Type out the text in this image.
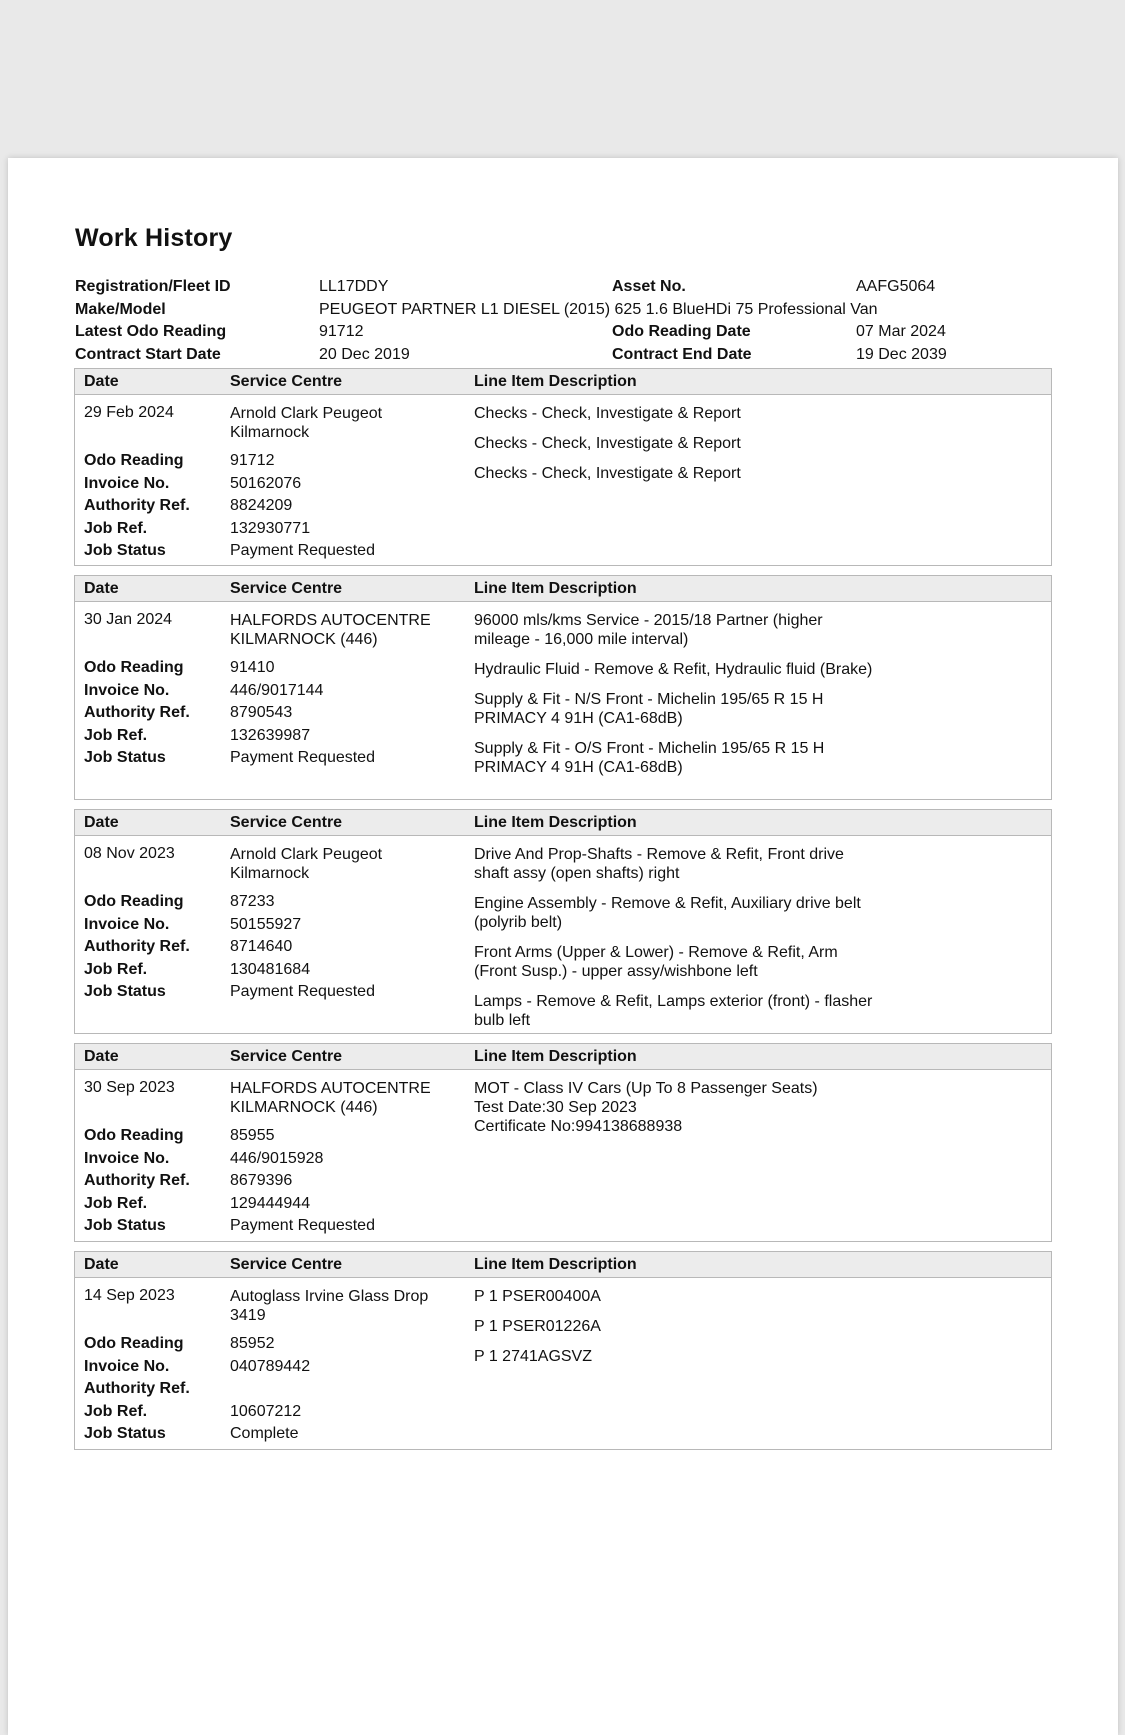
Work History
Registration/Fleet ID	LL17DDY	Asset No.	AAFG5064
Make/Model	PEUGEOT PARTNER L1 DIESEL (2015) 625 1.6 BlueHDi 75 Professional Van
Latest Odo Reading	91712	Odo Reading Date	07 Mar 2024
Contract Start Date	20 Dec 2019	Contract End Date	19 Dec 2039
Date	Service Centre	Line Item Description
29 Feb 2024	Arnold Clark Peugeot
Kilmarnock
Odo Reading	91712
Invoice No.	50162076
Authority Ref.	8824209
Job Ref.	132930771
Job Status	Payment Requested
Checks - Check, Investigate & Report
Checks - Check, Investigate & Report
Checks - Check, Investigate & Report
Date	Service Centre	Line Item Description
30 Jan 2024	HALFORDS AUTOCENTRE
KILMARNOCK (446)
Odo Reading	91410
Invoice No.	446/9017144
Authority Ref.	8790543
Job Ref.	132639987
Job Status	Payment Requested
96000 mls/kms Service - 2015/18 Partner (higher mileage - 16,000 mile interval)
Hydraulic Fluid - Remove & Refit, Hydraulic fluid (Brake)
Supply & Fit - N/S Front - Michelin 195/65 R 15 H PRIMACY 4 91H (CA1-68dB)
Supply & Fit - O/S Front - Michelin 195/65 R 15 H PRIMACY 4 91H (CA1-68dB)
Date	Service Centre	Line Item Description
08 Nov 2023	Arnold Clark Peugeot
Kilmarnock
Odo Reading	87233
Invoice No.	50155927
Authority Ref.	8714640
Job Ref.	130481684
Job Status	Payment Requested
Drive And Prop-Shafts - Remove & Refit, Front drive shaft assy (open shafts) right
Engine Assembly - Remove & Refit, Auxiliary drive belt (polyrib belt)
Front Arms (Upper & Lower) - Remove & Refit, Arm (Front Susp.) - upper assy/wishbone left
Lamps - Remove & Refit, Lamps exterior (front) - flasher bulb left
Date	Service Centre	Line Item Description
30 Sep 2023	HALFORDS AUTOCENTRE
KILMARNOCK (446)
Odo Reading	85955
Invoice No.	446/9015928
Authority Ref.	8679396
Job Ref.	129444944
Job Status	Payment Requested
MOT - Class IV Cars (Up To 8 Passenger Seats)
Test Date:30 Sep 2023
Certificate No:994138688938
Date	Service Centre	Line Item Description
14 Sep 2023	Autoglass Irvine Glass Drop
3419
Odo Reading	85952
Invoice No.	040789442
Authority Ref.
Job Ref.	10607212
Job Status	Complete
P 1 PSER00400A
P 1 PSER01226A
P 1 2741AGSVZ
